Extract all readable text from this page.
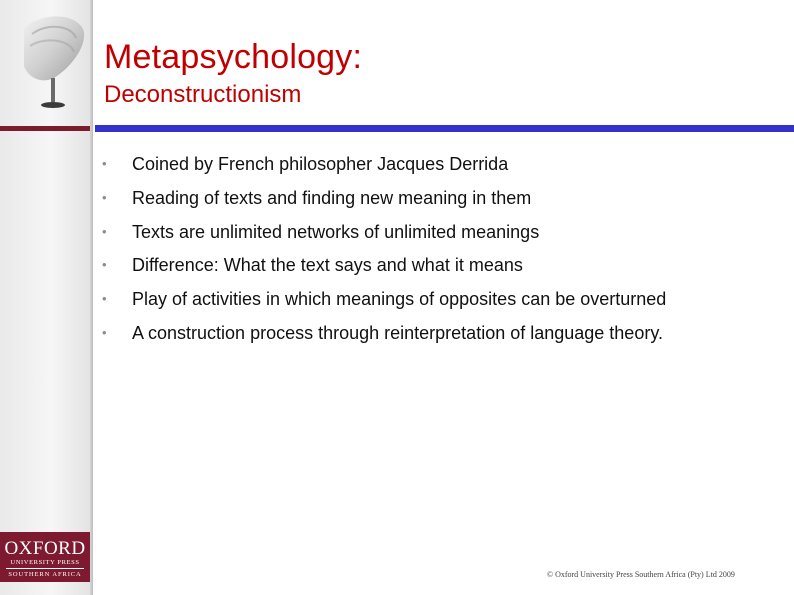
Metapsychology:
Deconstructionism
• Coined by French philosopher Jacques Derrida
• Reading of texts and finding new meaning in them
• Texts are unlimited networks of unlimited meanings
• Difference: What the text says and what it means
• Play of activities in which meanings of opposites can be overturned
• A construction process through reinterpretation of language theory.
OXFORD
UNIVERSITY PRESS
SOUTHERN AFRICA	© Oxford University Press Southern Africa (Pty) Ltd 2009
